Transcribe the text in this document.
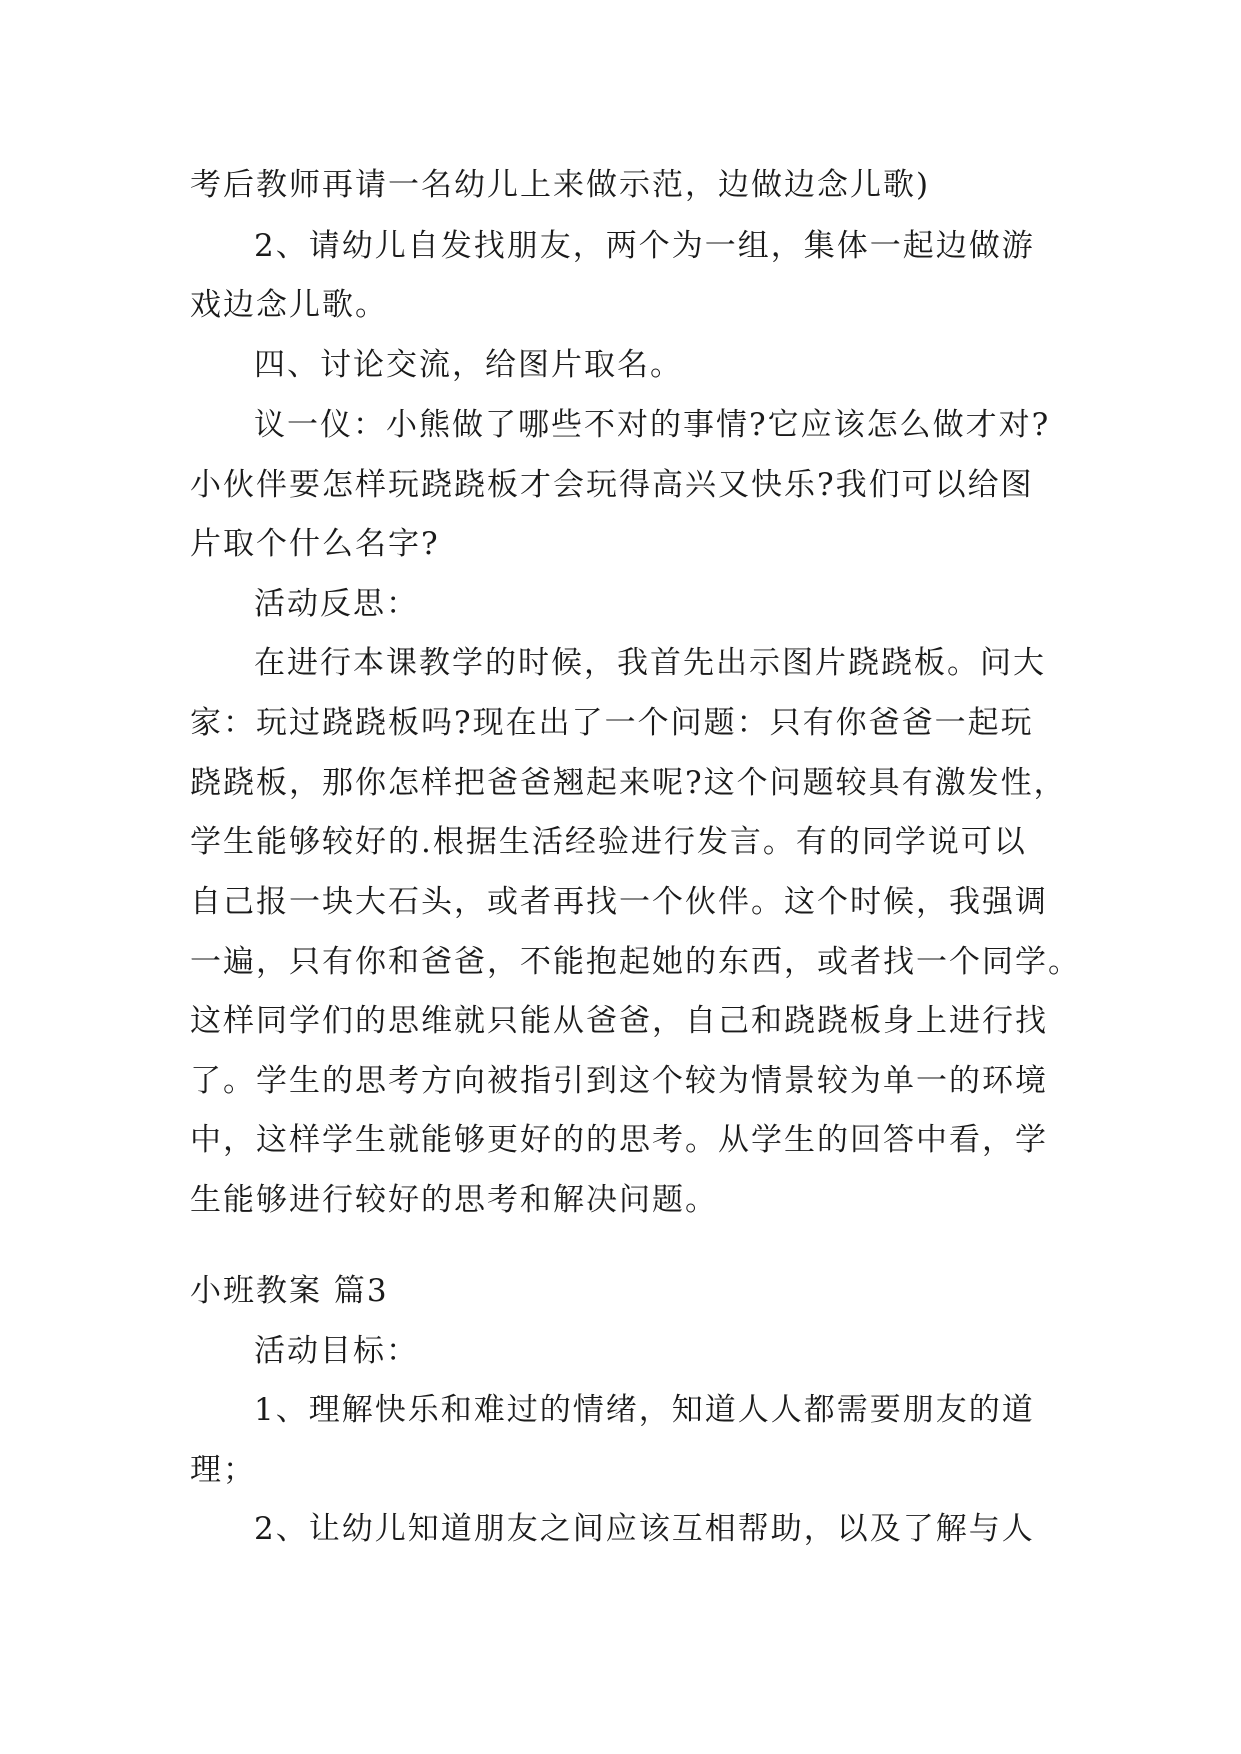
考后教师再请一名幼儿上来做示范，边做边念儿歌)
2、请幼儿自发找朋友，两个为一组，集体一起边做游
戏边念儿歌。
四、讨论交流，给图片取名。
议一仪：小熊做了哪些不对的事情?它应该怎么做才对?
小伙伴要怎样玩跷跷板才会玩得高兴又快乐?我们可以给图
片取个什么名字?
活动反思：
在进行本课教学的时候，我首先出示图片跷跷板。问大
家：玩过跷跷板吗?现在出了一个问题：只有你爸爸一起玩
跷跷板，那你怎样把爸爸翘起来呢?这个问题较具有激发性，
学生能够较好的.根据生活经验进行发言。有的同学说可以
自己报一块大石头，或者再找一个伙伴。这个时候，我强调
一遍，只有你和爸爸，不能抱起她的东西，或者找一个同学。
这样同学们的思维就只能从爸爸，自己和跷跷板身上进行找
了。学生的思考方向被指引到这个较为情景较为单一的环境
中，这样学生就能够更好的的思考。从学生的回答中看，学
生能够进行较好的思考和解决问题。
小班教案 篇3
活动目标：
1、理解快乐和难过的情绪，知道人人都需要朋友的道
理；
2、让幼儿知道朋友之间应该互相帮助，以及了解与人
